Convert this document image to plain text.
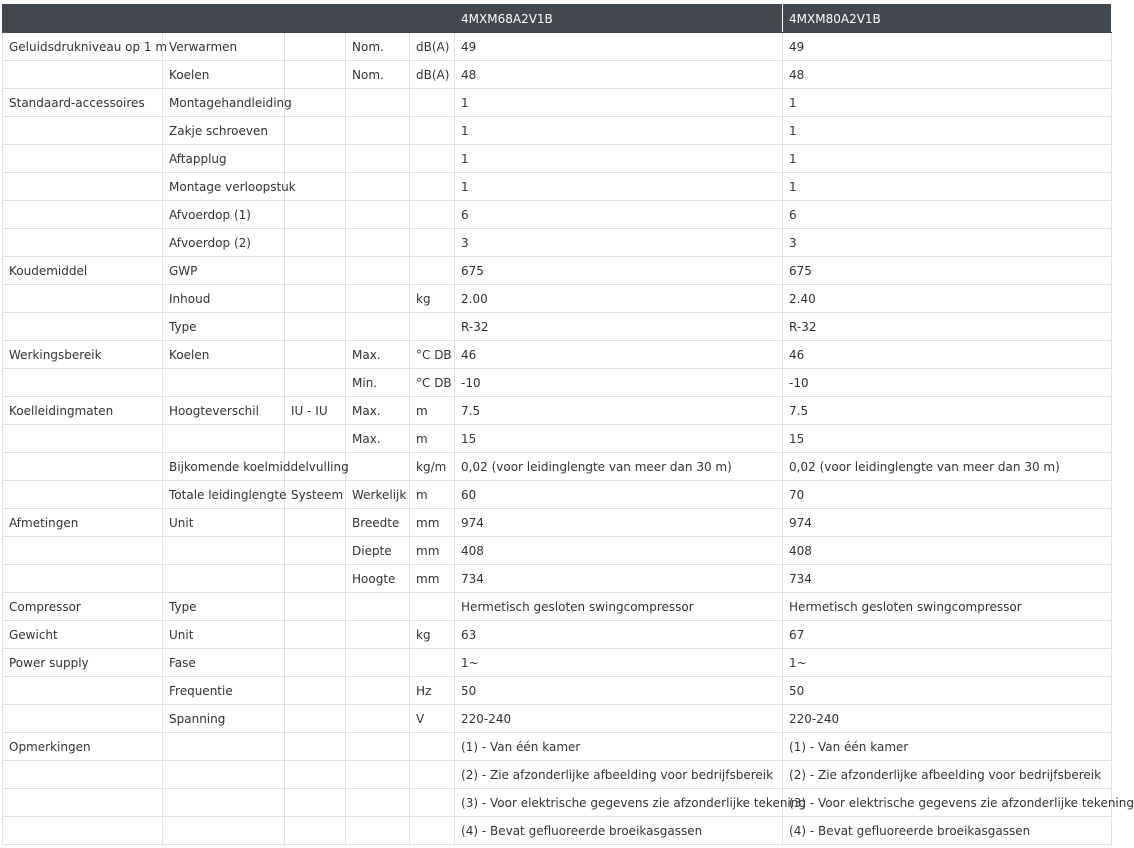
					4MXM68A2V1B	4MXM80A2V1B
Geluidsdrukniveau op 1 m	Verwarmen		Nom.	dB(A)	49	49
	Koelen		Nom.	dB(A)	48	48
Standaard-accessoires	Montagehandleiding				1	1
	Zakje schroeven				1	1
	Aftapplug				1	1
	Montage verloopstuk				1	1
	Afvoerdop (1)				6	6
	Afvoerdop (2)				3	3
Koudemiddel	GWP				675	675
	Inhoud			kg	2.00	2.40
	Type				R-32	R-32
Werkingsbereik	Koelen		Max.	°C DB	46	46
			Min.	°C DB	-10	-10
Koelleidingmaten	Hoogteverschil	IU - IU	Max.	m	7.5	7.5
			Max.	m	15	15
	Bijkomende koelmiddelvulling			kg/m	0,02 (voor leidinglengte van meer dan 30 m)	0,02 (voor leidinglengte van meer dan 30 m)
	Totale leidinglengte	Systeem	Werkelijk	m	60	70
Afmetingen	Unit		Breedte	mm	974	974
			Diepte	mm	408	408
			Hoogte	mm	734	734
Compressor	Type				Hermetisch gesloten swingcompressor	Hermetisch gesloten swingcompressor
Gewicht	Unit			kg	63	67
Power supply	Fase				1~	1~
	Frequentie			Hz	50	50
	Spanning			V	220-240	220-240
Opmerkingen					(1) - Van één kamer	(1) - Van één kamer
					(2) - Zie afzonderlijke afbeelding voor bedrijfsbereik	(2) - Zie afzonderlijke afbeelding voor bedrijfsbereik
					(3) - Voor elektrische gegevens zie afzonderlijke tekening	(3) - Voor elektrische gegevens zie afzonderlijke tekening
					(4) - Bevat gefluoreerde broeikasgassen	(4) - Bevat gefluoreerde broeikasgassen
